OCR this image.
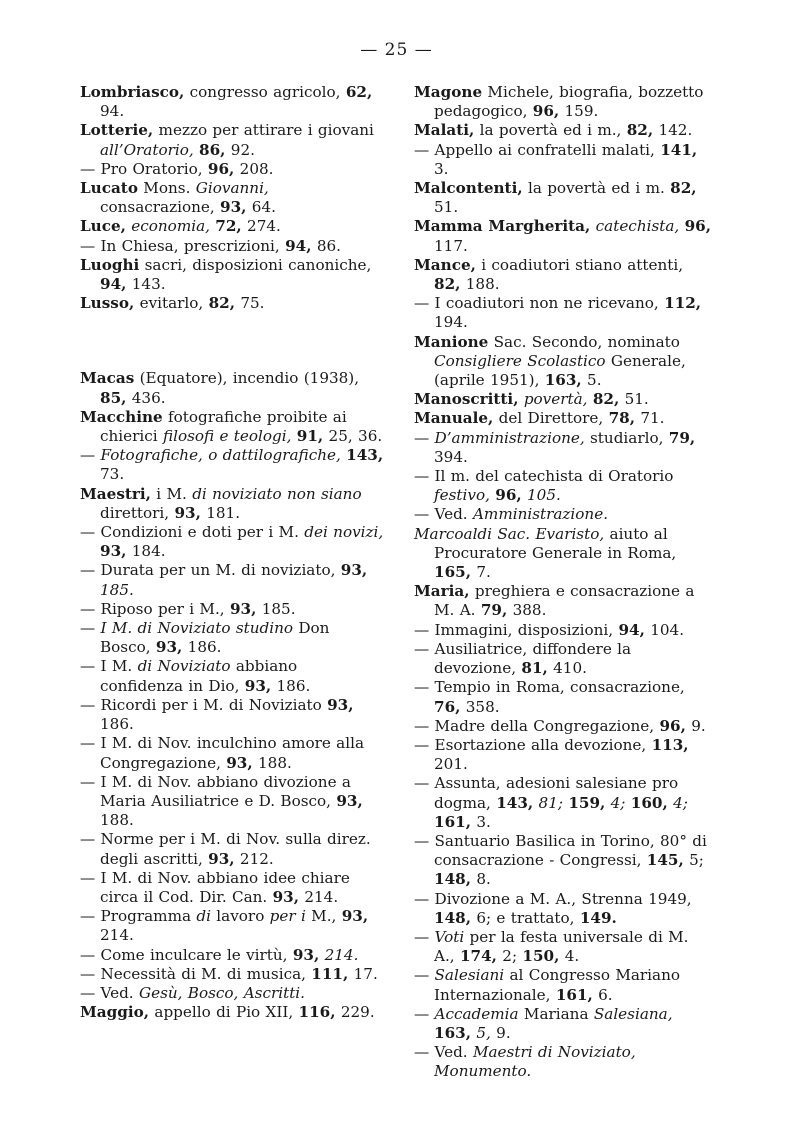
— 25 —
Lombriasco, congresso agricolo, 62, 94.
Lotterie, mezzo per attirare i giovani all’Oratorio, 86, 92.
— Pro Oratorio, 96, 208.
Lucato Mons. Giovanni, consacrazione, 93, 64.
Luce, economia, 72, 274.
— In Chiesa, prescrizioni, 94, 86.
Luoghi sacri, disposizioni canoniche, 94, 143.
Lusso, evitarlo, 82, 75.
Macas (Equatore), incendio (1938), 85, 436.
Macchine fotografiche proibite ai chierici filosofi e teologi, 91, 25, 36.
— Fotografiche, o dattilografiche, 143, 73.
Maestri, i M. di noviziato non siano direttori, 93, 181.
— Condizioni e doti per i M. dei novizi, 93, 184.
— Durata per un M. di noviziato, 93, 185.
— Riposo per i M., 93, 185.
— I M. di Noviziato studino Don Bosco, 93, 186.
— I M. di Noviziato abbiano confidenza in Dio, 93, 186.
— Ricordi per i M. di Noviziato 93, 186.
— I M. di Nov. inculchino amore alla Congregazione, 93, 188.
— I M. di Nov. abbiano divozione a Maria Ausiliatrice e D. Bosco, 93, 188.
— Norme per i M. di Nov. sulla direz. degli ascritti, 93, 212.
— I M. di Nov. abbiano idee chiare circa il Cod. Dir. Can. 93, 214.
— Programma di lavoro per i M., 93, 214.
— Come inculcare le virtù, 93, 214.
— Necessità di M. di musica, 111, 17.
— Ved. Gesù, Bosco, Ascritti.
Maggio, appello di Pio XII, 116, 229.
Magone Michele, biografia, bozzetto pedagogico, 96, 159.
Malati, la povertà ed i m., 82, 142.
— Appello ai confratelli malati, 141, 3.
Malcontenti, la povertà ed i m. 82, 51.
Mamma Margherita, catechista, 96, 117.
Mance, i coadiutori stiano attenti, 82, 188.
— I coadiutori non ne ricevano, 112, 194.
Manione Sac. Secondo, nominato Consigliere Scolastico Generale, (aprile 1951), 163, 5.
Manoscritti, povertà, 82, 51.
Manuale, del Direttore, 78, 71.
— D’amministrazione, studiarlo, 79, 394.
— Il m. del catechista di Oratorio festivo, 96, 105.
— Ved. Amministrazione.
Marcoaldi Sac. Evaristo, aiuto al Procuratore Generale in Roma, 165, 7.
Maria, preghiera e consacrazione a M. A. 79, 388.
— Immagini, disposizioni, 94, 104.
— Ausiliatrice, diffondere la devozione, 81, 410.
— Tempio in Roma, consacrazione, 76, 358.
— Madre della Congregazione, 96, 9.
— Esortazione alla devozione, 113, 201.
— Assunta, adesioni salesiane pro dogma, 143, 81; 159, 4; 160, 4; 161, 3.
— Santuario Basilica in Torino, 80° di consacrazione - Congressi, 145, 5; 148, 8.
— Divozione a M. A., Strenna 1949, 148, 6; e trattato, 149.
— Voti per la festa universale di M. A., 174, 2; 150, 4.
— Salesiani al Congresso Mariano Internazionale, 161, 6.
— Accademia Mariana Salesiana, 163, 5, 9.
— Ved. Maestri di Noviziato, Monumento.
